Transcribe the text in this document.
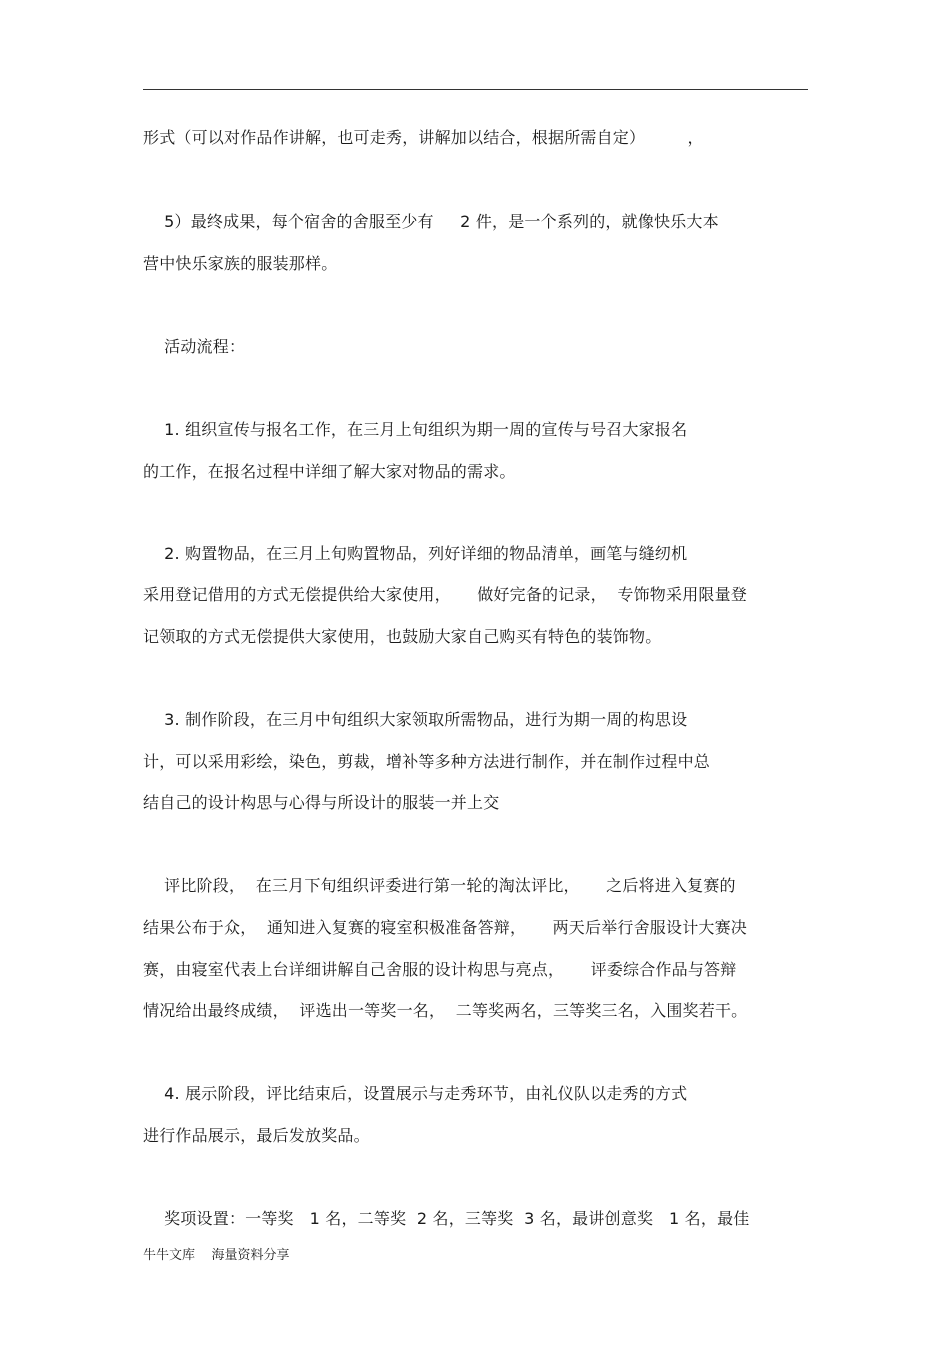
形式（可以对作品作讲解，也可走秀，讲解加以结合，根据所需自定）        ，
5）最终成果，每个宿舍的舍服至少有     2 件，是一个系列的，就像快乐大本
营中快乐家族的服装那样。
活动流程：
1. 组织宣传与报名工作，在三月上旬组织为期一周的宣传与号召大家报名
的工作，在报名过程中详细了解大家对物品的需求。
2. 购置物品，在三月上旬购置物品，列好详细的物品清单，画笔与缝纫机
采用登记借用的方式无偿提供给大家使用，     做好完备的记录，  专饰物采用限量登
记领取的方式无偿提供大家使用，也鼓励大家自己购买有特色的装饰物。
3. 制作阶段，在三月中旬组织大家领取所需物品，进行为期一周的构思设
计，可以采用彩绘，染色，剪裁，增补等多种方法进行制作，并在制作过程中总
结自己的设计构思与心得与所设计的服装一并上交
评比阶段，  在三月下旬组织评委进行第一轮的淘汰评比，     之后将进入复赛的
结果公布于众，  通知进入复赛的寝室积极准备答辩，     两天后举行舍服设计大赛决
赛，由寝室代表上台详细讲解自己舍服的设计构思与亮点，     评委综合作品与答辩
情况给出最终成绩，  评选出一等奖一名，  二等奖两名，三等奖三名，入围奖若干。
4. 展示阶段，评比结束后，设置展示与走秀环节，由礼仪队以走秀的方式
进行作品展示，最后发放奖品。
奖项设置：一等奖   1 名，二等奖  2 名，三等奖  3 名，最讲创意奖   1 名，最佳
牛牛文库    海量资料分享
